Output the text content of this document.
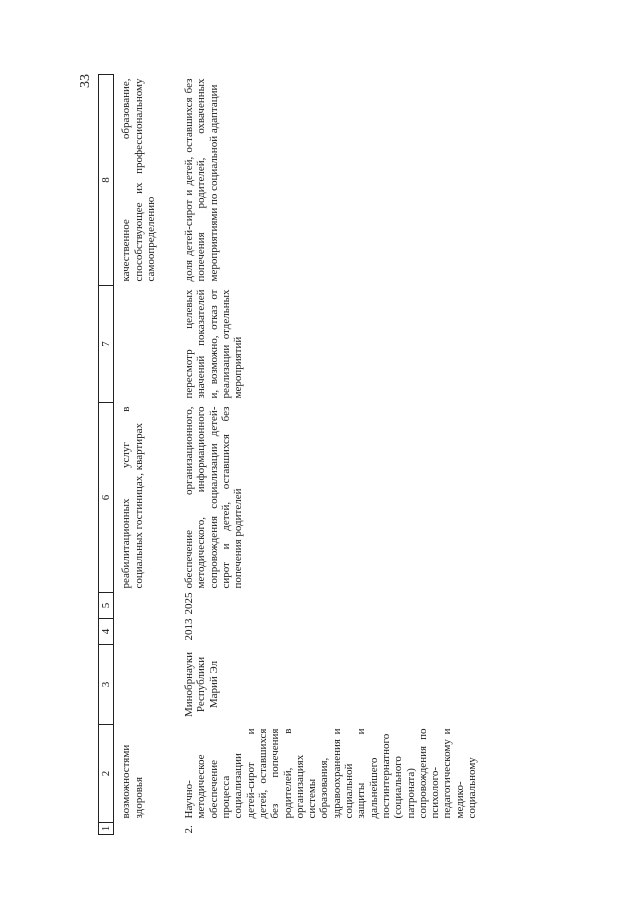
33
1	2	3	4	5	6	7	8
	возможностями здоровья				реабилитационных услуг в социальных гостиницах, квартирах		качественное образование, способствующее их профессиональному самоопределению

2.	Научно-методическое обеспечение процесса социализации детей-сирот и детей, оставшихся без попечения родителей, в организациях системы образования, здравоохранения и социальной защиты и дальнейшего постинтернатного (социального патроната) сопровождения по психолого-педагогическому и медико-социальному	Минобрнауки Республики Марий Эл	2013	2025	обеспечение организационного, методического, информационного сопровождения социализации детей-сирот и детей, оставшихся без попечения родителей	пересмотр целевых значений показателей и, возможно, отказ от реализации отдельных мероприятий	доля детей-сирот и детей, оставшихся без попечения родителей, охваченных мероприятиями по социальной адаптации
